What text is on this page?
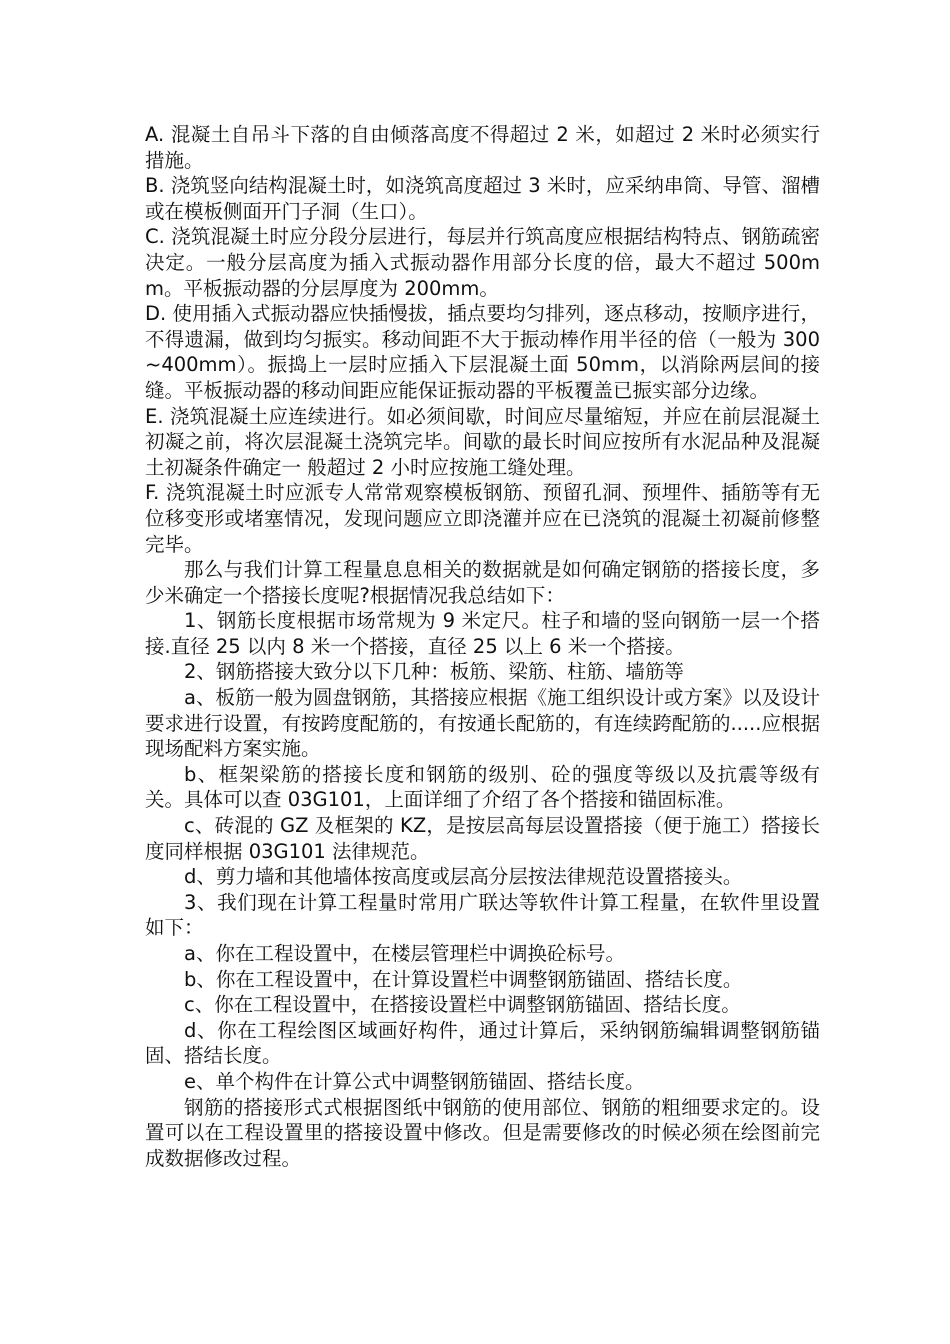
A. 混凝土自吊斗下落的自由倾落高度不得超过 2 米，如超过 2 米时必须实行措施。

B. 浇筑竖向结构混凝土时，如浇筑高度超过 3 米时，应采纳串筒、导管、溜槽或在模板侧面开门子洞（生口）。

C. 浇筑混凝土时应分段分层进行，每层并行筑高度应根据结构特点、钢筋疏密决定。一般分层高度为插入式振动器作用部分长度的倍，最大不超过 500mm。平板振动器的分层厚度为 200mm。

D. 使用插入式振动器应快插慢拔，插点要均匀排列，逐点移动，按顺序进行，不得遗漏，做到均匀振实。移动间距不大于振动棒作用半径的倍（一般为 300~400mm）。振捣上一层时应插入下层混凝土面 50mm，以消除两层间的接缝。平板振动器的移动间距应能保证振动器的平板覆盖已振实部分边缘。

E. 浇筑混凝土应连续进行。如必须间歇，时间应尽量缩短，并应在前层混凝土初凝之前，将次层混凝土浇筑完毕。间歇的最长时间应按所有水泥品种及混凝土初凝条件确定一 般超过 2 小时应按施工缝处理。

F. 浇筑混凝土时应派专人常常观察模板钢筋、预留孔洞、预埋件、插筋等有无位移变形或堵塞情况，发现问题应立即浇灌并应在已浇筑的混凝土初凝前修整完毕。

那么与我们计算工程量息息相关的数据就是如何确定钢筋的搭接长度，多少米确定一个搭接长度呢?根据情况我总结如下：

1、钢筋长度根据市场常规为 9 米定尺。柱子和墙的竖向钢筋一层一个搭接.直径 25 以内 8 米一个搭接，直径 25 以上 6 米一个搭接。

2、钢筋搭接大致分以下几种：板筋、梁筋、柱筋、墙筋等

a、板筋一般为圆盘钢筋，其搭接应根据《施工组织设计或方案》以及设计要求进行设置，有按跨度配筋的，有按通长配筋的，有连续跨配筋的.....应根据现场配料方案实施。

b、框架梁筋的搭接长度和钢筋的级别、砼的强度等级以及抗震等级有关。具体可以查 03G101，上面详细了介绍了各个搭接和锚固标准。

c、砖混的 GZ 及框架的 KZ，是按层高每层设置搭接（便于施工）搭接长度同样根据 03G101 法律规范。

d、剪力墙和其他墙体按高度或层高分层按法律规范设置搭接头。

3、我们现在计算工程量时常用广联达等软件计算工程量，在软件里设置如下：

a、你在工程设置中，在楼层管理栏中调换砼标号。

b、你在工程设置中，在计算设置栏中调整钢筋锚固、搭结长度。

c、你在工程设置中，在搭接设置栏中调整钢筋锚固、搭结长度。

d、你在工程绘图区域画好构件，通过计算后，采纳钢筋编辑调整钢筋锚固、搭结长度。

e、单个构件在计算公式中调整钢筋锚固、搭结长度。

钢筋的搭接形式式根据图纸中钢筋的使用部位、钢筋的粗细要求定的。设置可以在工程设置里的搭接设置中修改。但是需要修改的时候必须在绘图前完成数据修改过程。
